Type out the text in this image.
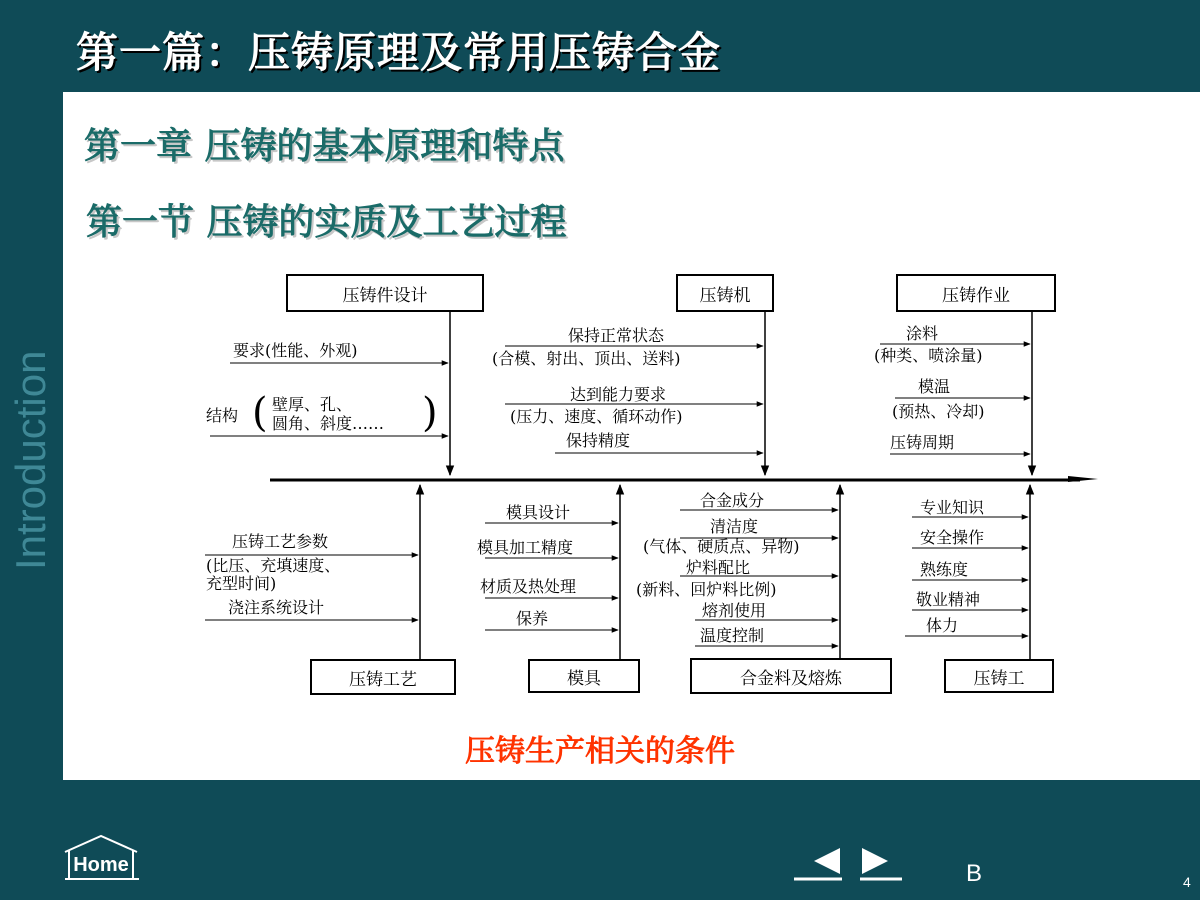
第一篇：压铸原理及常用压铸合金
Introduction
第一章 压铸的基本原理和特点
第一节 压铸的实质及工艺过程
(	)
压铸件设计	压铸机	压铸作业
压铸工艺	模具	合金料及熔炼	压铸工
要求(性能、外观)
结构
壁厚、孔、
圆角、斜度……
保持正常状态
(合模、射出、顶出、送料)
达到能力要求
(压力、速度、循环动作)
保持精度
涂料
(种类、喷涂量)
模温
(预热、冷却)
压铸周期
压铸工艺参数
(比压、充填速度、
充型时间)
浇注系统设计
模具设计
模具加工精度
材质及热处理
保养
合金成分
清洁度
(气体、硬质点、异物)
炉料配比
(新料、回炉料比例)
熔剂使用
温度控制
专业知识
安全操作
熟练度
敬业精神
体力
压铸生产相关的条件
Home	B	4
